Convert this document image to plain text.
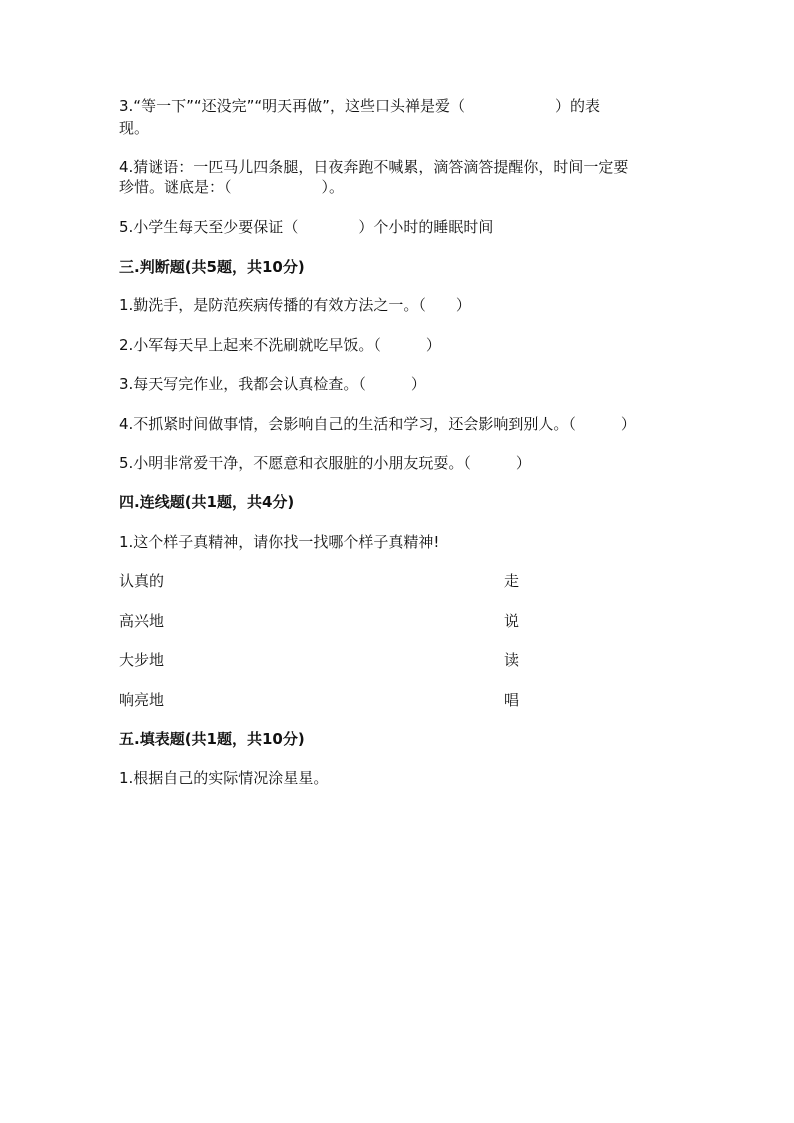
3.“等一下”“还没完”“明天再做”，这些口头禅是爱（　　　　　　）的表
现。
4.猜谜语：一匹马儿四条腿，日夜奔跑不喊累，滴答滴答提醒你，时间一定要
珍惜。谜底是：（　　　　　　）。
5.小学生每天至少要保证（　　　　）个小时的睡眠时间
三.判断题(共5题，共10分)
1.勤洗手，是防范疾病传播的有效方法之一。（　　）
2.小军每天早上起来不洗刷就吃早饭。（　　　）
3.每天写完作业，我都会认真检查。（　　　）
4.不抓紧时间做事情，会影响自己的生活和学习，还会影响到别人。（　　　）
5.小明非常爱干净，不愿意和衣服脏的小朋友玩耍。（　　　）
四.连线题(共1题，共4分)
1.这个样子真精神，请你找一找哪个样子真精神!
认真的	走
高兴地	说
大步地	读
响亮地	唱
五.填表题(共1题，共10分)
1.根据自己的实际情况涂星星。
